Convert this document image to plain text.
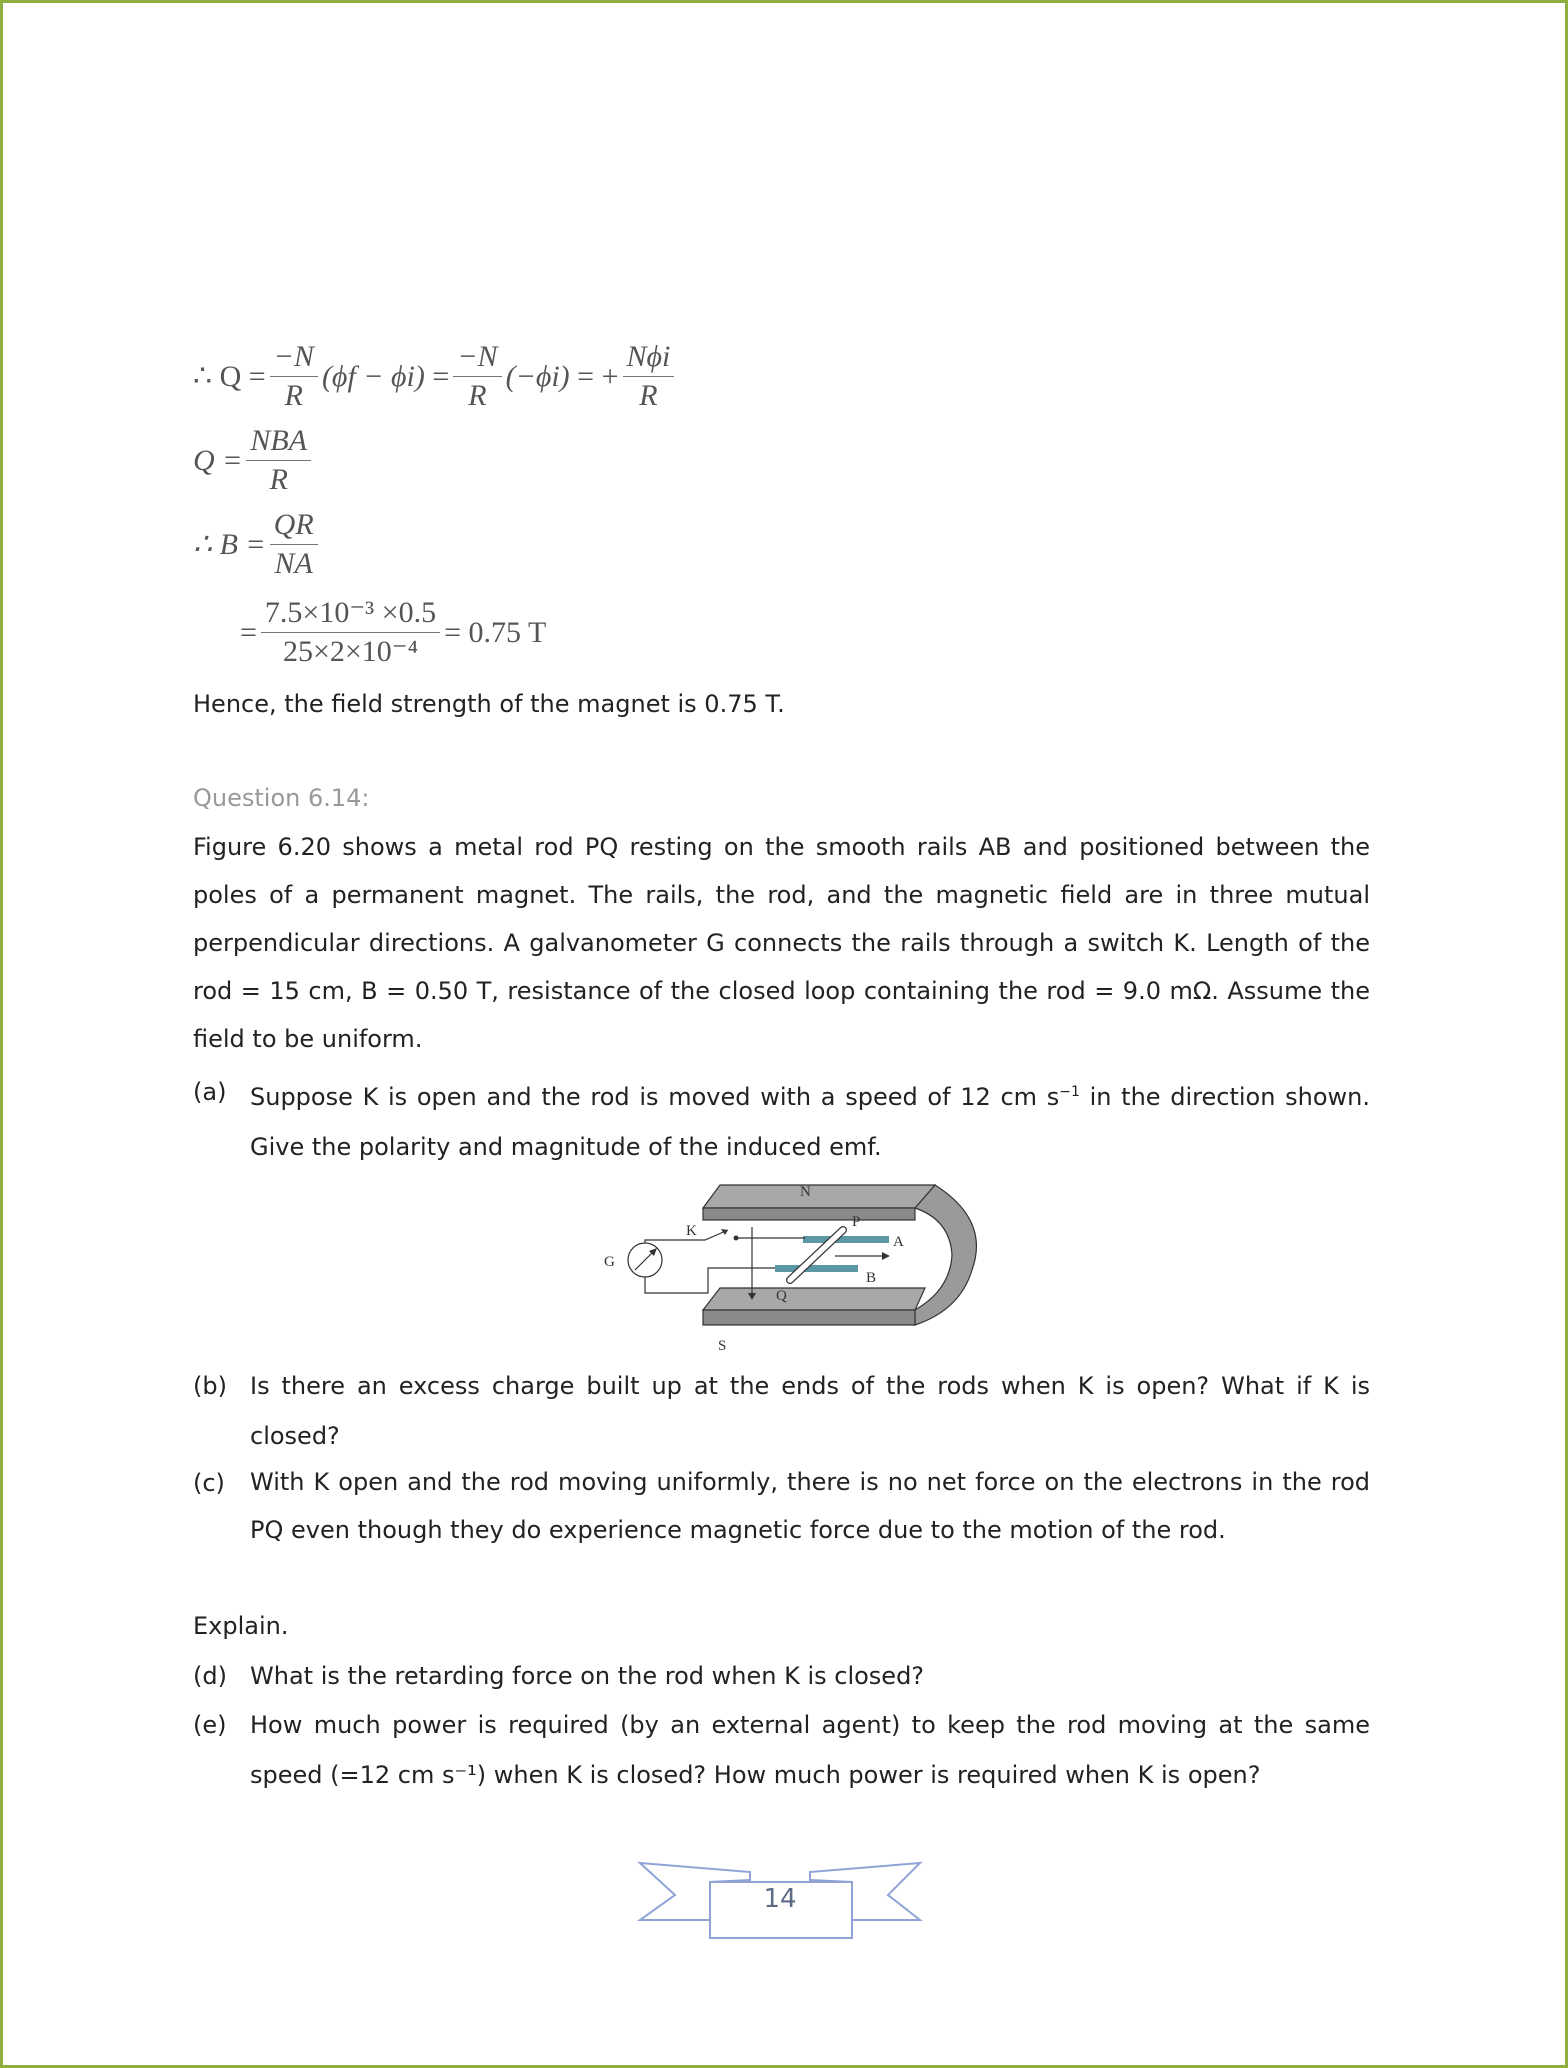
∴ $Q = \frac{-N}{R} (\phi f - \phi i)$
= $\frac{-N}{R} (-\phi i)$
= + $\frac{\text{Nϕi}}{R}$
$Q = \frac{\text{NBA}}{R}$
∴ $B = \frac{QR}{NA}$
= $\frac{\text{7.5×10⁻³ ×0.5}}{\text{25×2×10⁻⁴}} = 0.75$ T
Hence, the field strength of the magnet is 0.75 T.
Question 6.14:
Figure 6.20 shows a metal rod PQ resting on the smooth rails AB and positioned between the poles of a permanent magnet. The rails, the rod, and the magnetic field are in three mutual perpendicular directions. A galvanometer G connects the rails through a switch K. Length of the rod = 15 cm, B = 0.50 T, resistance of the closed loop containing the rod = 9.0 mΩ. Assume the field to be uniform.
(a) Suppose K is open and the rod is moved with a speed of 12 cm $s^{-1}$ in the direction shown. Give the polarity and magnitude of the induced emf.
N
S
K
P
Q
A
B
G
(b) Is there an excess charge built up at the ends of the rods when K is open? What if K is closed?
(c) With K open and the rod moving uniformly, there is no net force on the electrons in the rod PQ even though they do experience magnetic force due to the motion of the rod.
Explain.
(d) What is the retarding force on the rod when K is closed?
(e) How much power is required (by an external agent) to keep the rod moving at the same speed (=12 cm s⁻¹) when K is closed? How much power is required when K is open?
14
